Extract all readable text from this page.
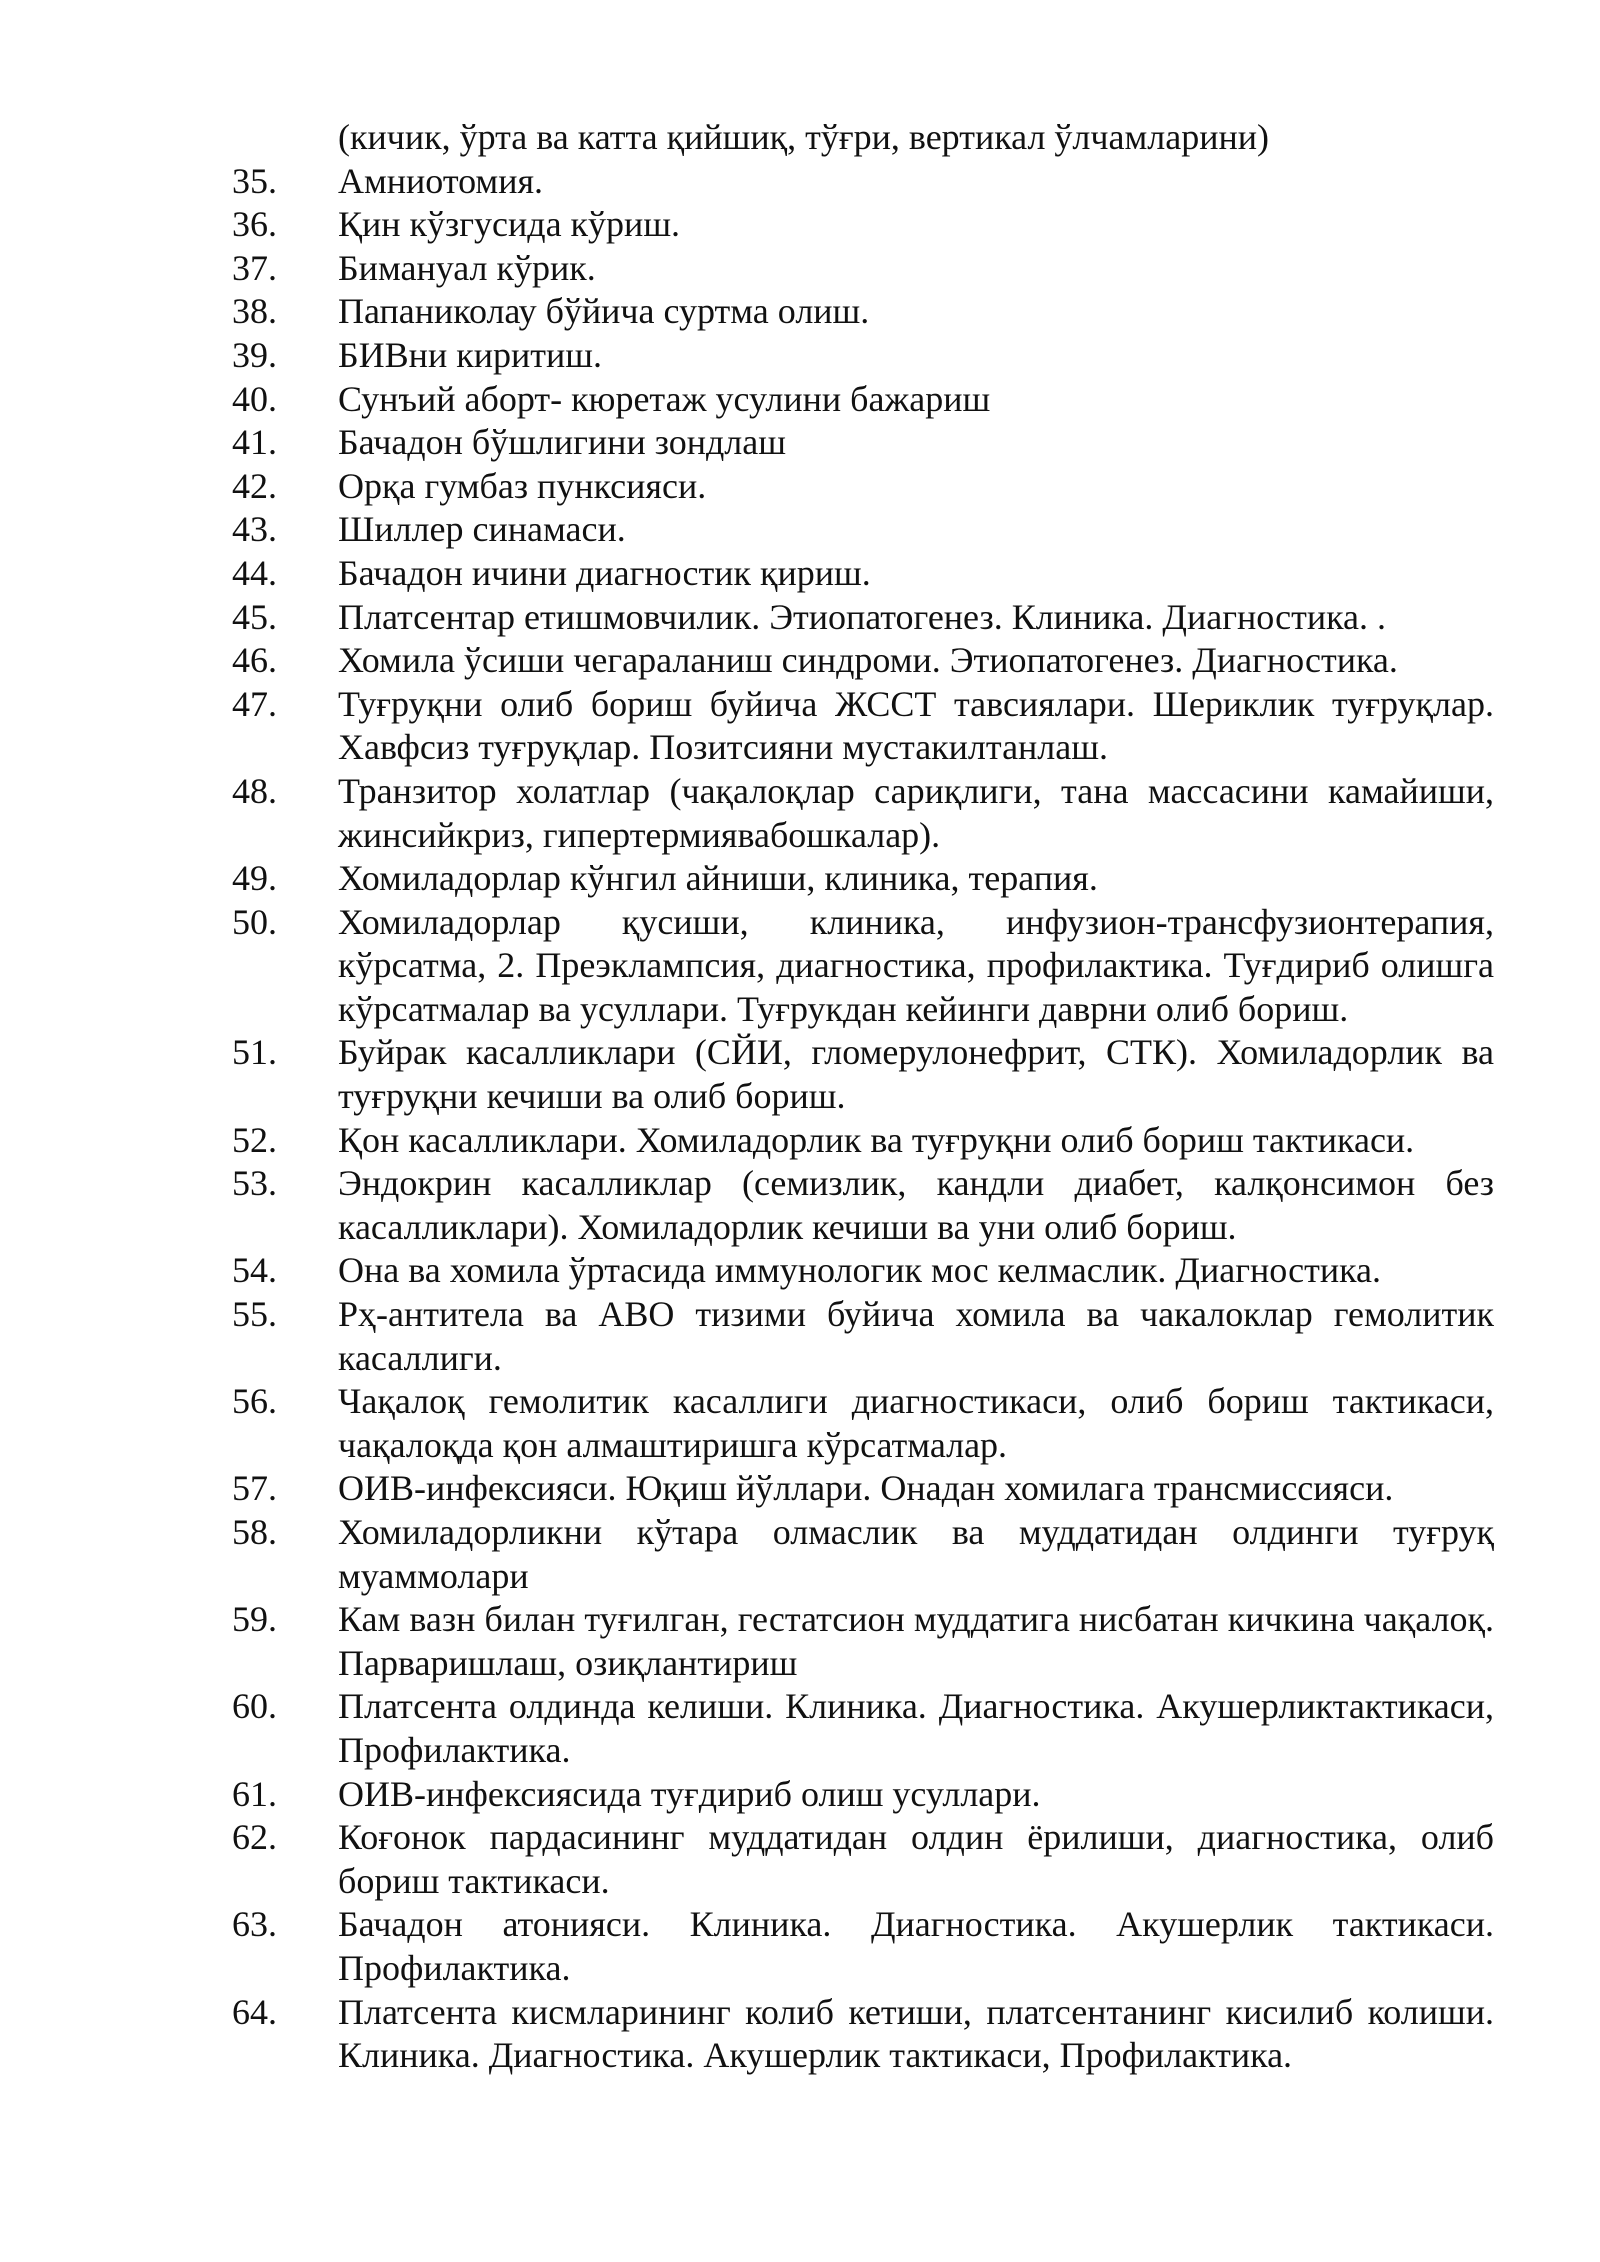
(кичик, ўрта ва катта қийшиқ, тўғри, вертикал ўлчамларини)
35. Амниотомия.
36. Қин кўзгусида кўриш.
37. Бимануал кўрик.
38. Папаниколау бўйича суртма олиш.
39. БИВни киритиш.
40. Сунъий аборт- кюретаж усулини бажариш
41. Бачадон бўшлигини зондлаш
42. Орқа гумбаз пунксияси.
43. Шиллер синамаси.
44. Бачадон ичини диагностик қириш.
45. Платсентар етишмовчилик. Этиопатогенез. Клиника. Диагностика. .
46. Хомила ўсиши чегараланиш синдроми. Этиопатогенез. Диагностика.
47. Туғруқни олиб бориш буйича ЖССТ тавсиялари. Шериклик туғруқлар. Хавфсиз туғруқлар. Позитсияни мустакилтанлаш.
48. Транзитор холатлар (чақалоқлар сариқлиги, тана массасини камайиши, жинсийкриз, гипертермиявабошкалар).
49. Хомиладорлар кўнгил айниши, клиника, терапия.
50. Хомиладорлар қусиши, клиника, инфузион-трансфузионтерапия, кўрсатма, 2. Преэклампсия, диагностика, профилактика. Туғдириб олишга кўрсатмалар ва усуллари. Туғрукдан кейинги даврни олиб бориш.
51. Буйрак касалликлари (СЙИ, гломерулонефрит, СТК). Хомиладорлик ва туғруқни кечиши ва олиб бориш.
52. Қон касалликлари. Хомиладорлик ва туғруқни олиб бориш тактикаси.
53. Эндокрин касалликлар (семизлик, кандли диабет, калқонсимон без касалликлари). Хомиладорлик кечиши ва уни олиб бориш.
54. Она ва хомила ўртасида иммунологик мос келмаслик. Диагностика.
55. Рҳ-антитела ва АВО тизими буйича хомила ва чакалоклар гемолитик касаллиги.
56. Чақалоқ гемолитик касаллиги диагностикаси, олиб бориш тактикаси, чақалоқда қон алмаштиришга кўрсатмалар.
57. ОИВ-инфексияси. Юқиш йўллари. Онадан хомилага трансмиссияси.
58. Хомиладорликни кўтара олмаслик ва муддатидан олдинги туғруқ муаммолари
59. Кам вазн билан туғилган, гестатсион муддатига нисбатан кичкина чақалоқ. Парваришлаш, озиқлантириш
60. Платсента олдинда келиши. Клиника. Диагностика. Акушерликтактикаси, Профилактика.
61. ОИВ-инфексиясида туғдириб олиш усуллари.
62. Коғонок пардасининг муддатидан олдин ёрилиши, диагностика, олиб бориш тактикаси.
63. Бачадон атонияси. Клиника. Диагностика. Акушерлик тактикаси. Профилактика.
64. Платсента кисмларининг колиб кетиши, платсентанинг кисилиб колиши. Клиника. Диагностика. Акушерлик тактикаси, Профилактика.
